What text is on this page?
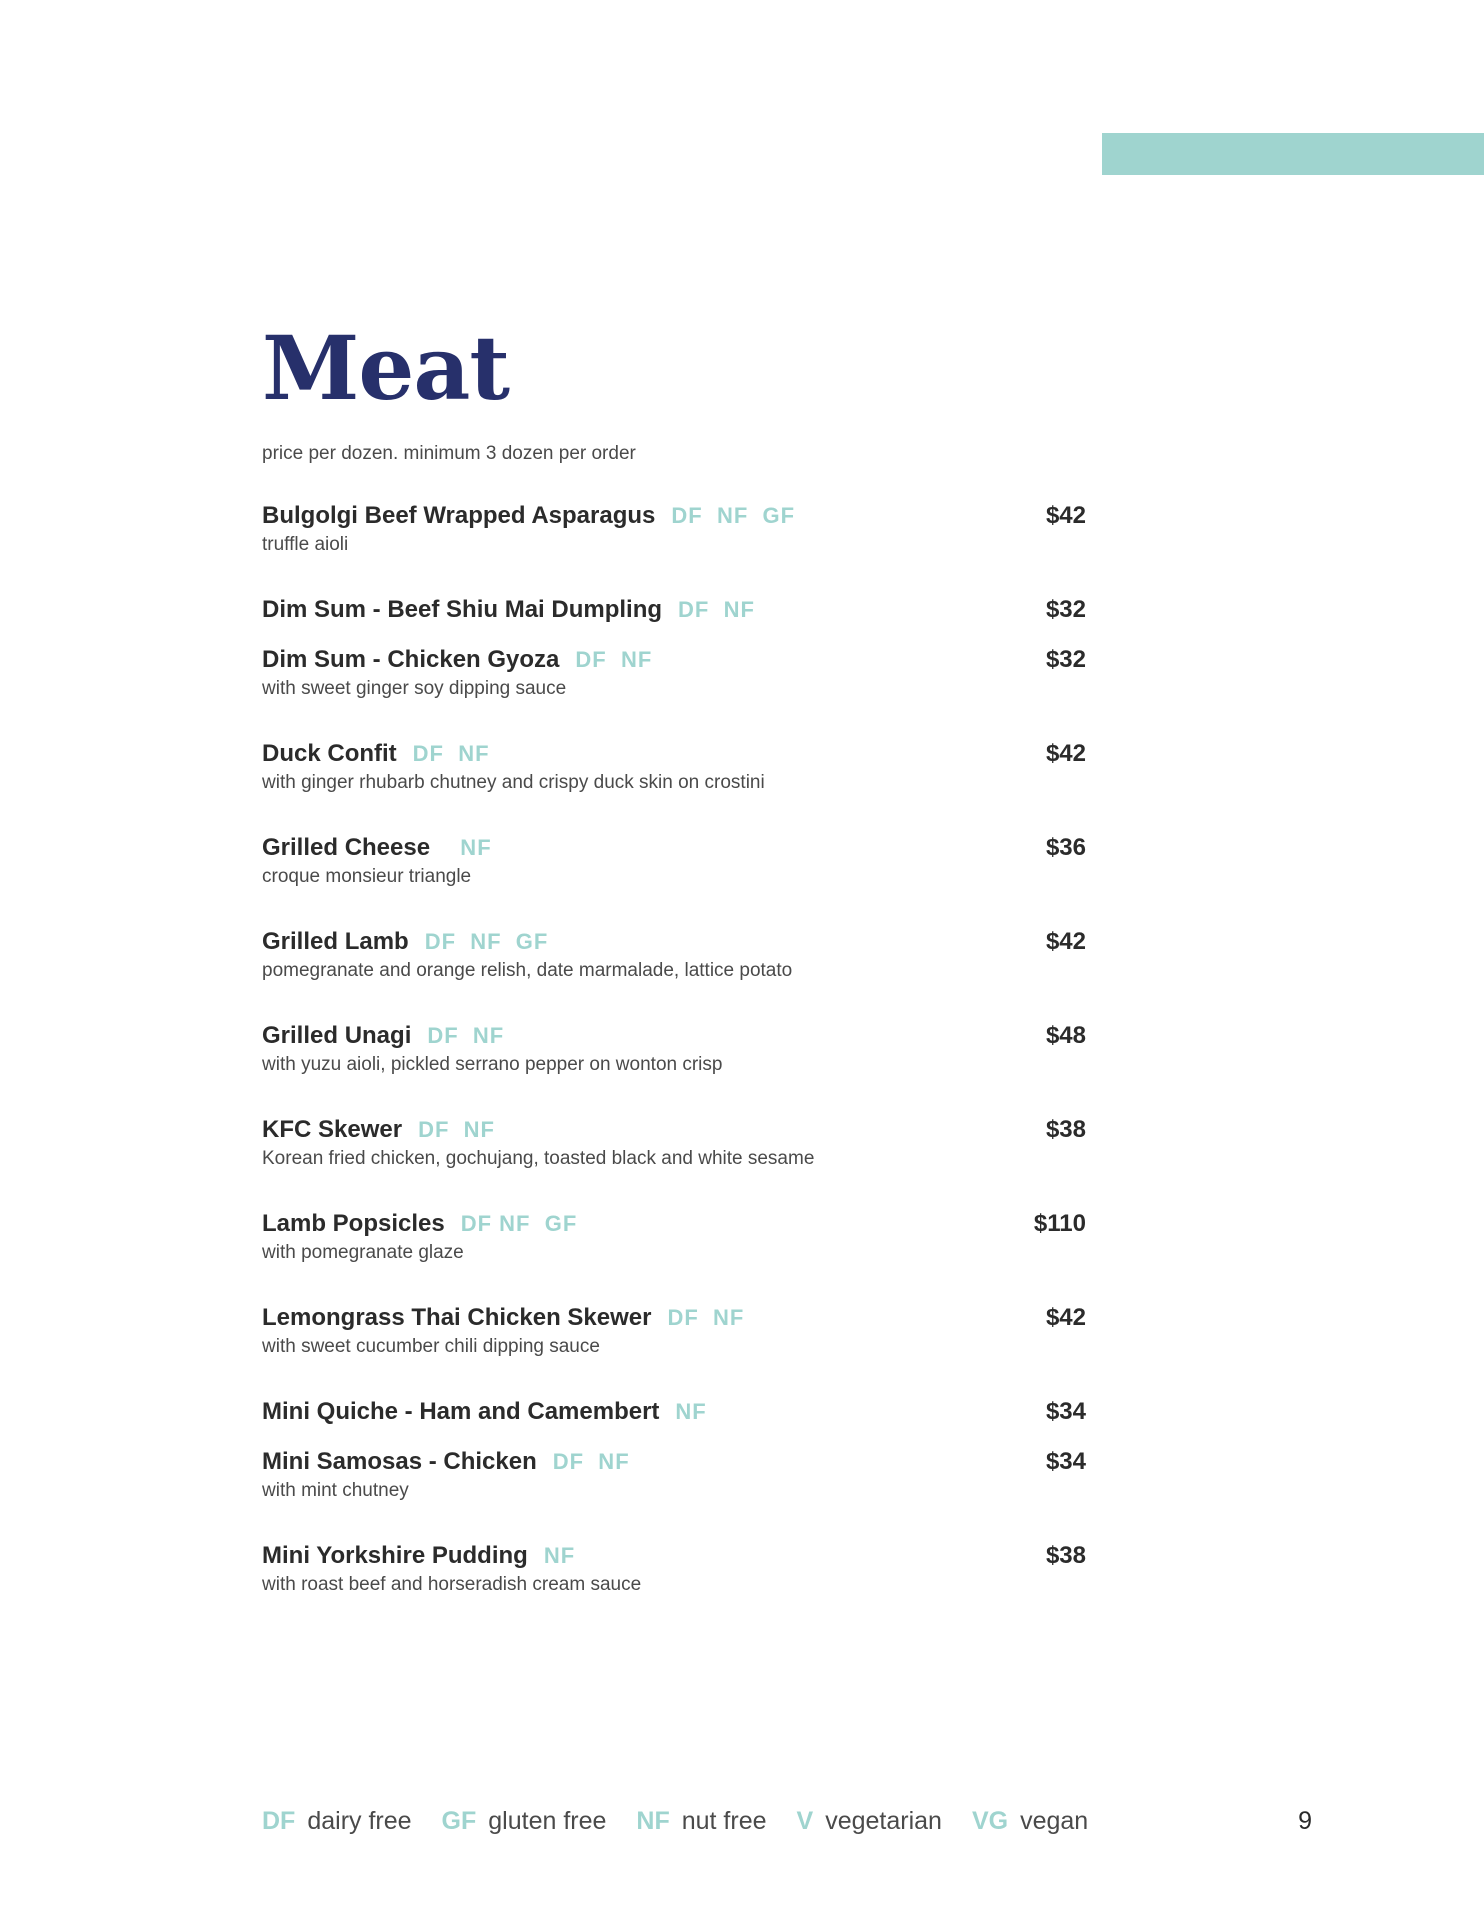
Meat
price per dozen. minimum 3 dozen per order
Bulgolgi Beef Wrapped Asparagus DF  NF  GF	$42
truffle aioli
Dim Sum - Beef Shiu Mai Dumpling DF  NF	$32
Dim Sum - Chicken Gyoza DF  NF	$32
with sweet ginger soy dipping sauce
Duck Confit DF  NF	$42
with ginger rhubarb chutney and crispy duck skin on crostini
Grilled Cheese NF	$36
croque monsieur triangle
Grilled Lamb DF  NF  GF	$42
pomegranate and orange relish, date marmalade, lattice potato
Grilled Unagi DF  NF	$48
with yuzu aioli, pickled serrano pepper on wonton crisp
KFC Skewer DF  NF	$38
Korean fried chicken, gochujang, toasted black and white sesame
Lamb Popsicles DF NF  GF	$110
with pomegranate glaze
Lemongrass Thai Chicken Skewer DF  NF	$42
with sweet cucumber chili dipping sauce
Mini Quiche - Ham and Camembert NF	$34
Mini Samosas - Chicken DF  NF	$34
with mint chutney
Mini Yorkshire Pudding NF	$38
with roast beef and horseradish cream sauce
DF dairy free GF gluten free NF nut free V vegetarian VG vegan	9
